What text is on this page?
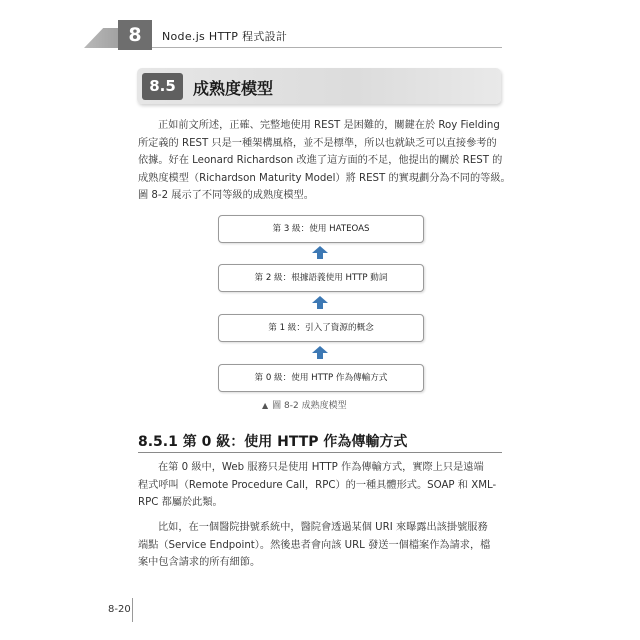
8	Node.js HTTP 程式設計
8.5	成熟度模型
正如前文所述，正確、完整地使用 REST 是困難的，關鍵在於 Roy Fielding
所定義的 REST 只是一種架構風格，並不是標準，所以也就缺乏可以直接參考的
依據。好在 Leonard Richardson 改進了這方面的不足，他提出的關於 REST 的
成熟度模型（Richardson Maturity Model）將 REST 的實現劃分為不同的等級。
圖 8-2 展示了不同等級的成熟度模型。
第 3 級：使用 HATEOAS
第 2 級：根據語義使用 HTTP 動詞
第 1 級：引入了資源的概念
第 0 級：使用 HTTP 作為傳輸方式
▲ 圖 8-2 成熟度模型
8.5.1 第 0 級：使用 HTTP 作為傳輸方式
在第 0 級中，Web 服務只是使用 HTTP 作為傳輸方式，實際上只是遠端
程式呼叫（Remote Procedure Call，RPC）的一種具體形式。SOAP 和 XML-
RPC 都屬於此類。
比如，在一個醫院掛號系統中，醫院會透過某個 URI 來曝露出該掛號服務
端點（Service Endpoint）。然後患者會向該 URL 發送一個檔案作為請求，檔
案中包含請求的所有細節。
8-20
